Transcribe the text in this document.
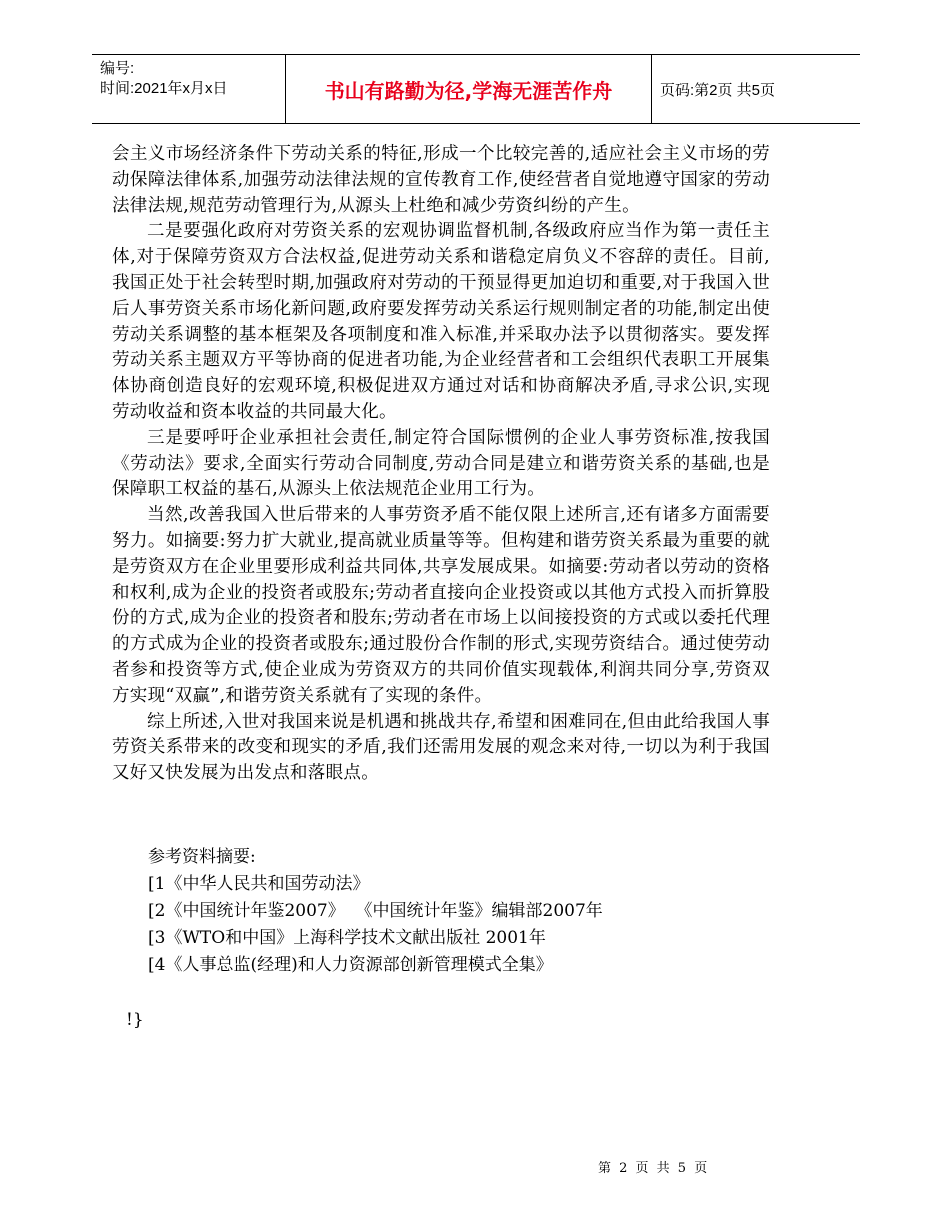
编号:
时间:2021年x月x日	书山有路勤为径,学海无涯苦作舟	页码:第2页 共5页

会主义市场经济条件下劳动关系的特征,形成一个比较完善的,适应社会主义市场的劳动保障法律体系,加强劳动法律法规的宣传教育工作,使经营者自觉地遵守国家的劳动法律法规,规范劳动管理行为,从源头上杜绝和减少劳资纠纷的产生。

二是要强化政府对劳资关系的宏观协调监督机制,各级政府应当作为第一责任主体,对于保障劳资双方合法权益,促进劳动关系和谐稳定肩负义不容辞的责任。目前,我国正处于社会转型时期,加强政府对劳动的干预显得更加迫切和重要,对于我国入世后人事劳资关系市场化新问题,政府要发挥劳动关系运行规则制定者的功能,制定出使劳动关系调整的基本框架及各项制度和准入标准,并采取办法予以贯彻落实。要发挥劳动关系主题双方平等协商的促进者功能,为企业经营者和工会组织代表职工开展集体协商创造良好的宏观环境,积极促进双方通过对话和协商解决矛盾,寻求公识,实现劳动收益和资本收益的共同最大化。

三是要呼吁企业承担社会责任,制定符合国际惯例的企业人事劳资标准,按我国《劳动法》要求,全面实行劳动合同制度,劳动合同是建立和谐劳资关系的基础,也是保障职工权益的基石,从源头上依法规范企业用工行为。

当然,改善我国入世后带来的人事劳资矛盾不能仅限上述所言,还有诸多方面需要努力。如摘要:努力扩大就业,提高就业质量等等。但构建和谐劳资关系最为重要的就是劳资双方在企业里要形成利益共同体,共享发展成果。如摘要:劳动者以劳动的资格和权利,成为企业的投资者或股东;劳动者直接向企业投资或以其他方式投入而折算股份的方式,成为企业的投资者和股东;劳动者在市场上以间接投资的方式或以委托代理的方式成为企业的投资者或股东;通过股份合作制的形式,实现劳资结合。通过使劳动者参和投资等方式,使企业成为劳资双方的共同价值实现载体,利润共同分享,劳资双方实现“双赢”,和谐劳资关系就有了实现的条件。

综上所述,入世对我国来说是机遇和挑战共存,希望和困难同在,但由此给我国人事劳资关系带来的改变和现实的矛盾,我们还需用发展的观念来对待,一切以为利于我国又好又快发展为出发点和落眼点。

参考资料摘要:
[1《中华人民共和国劳动法》
[2《中国统计年鉴2007》  《中国统计年鉴》编辑部2007年
[3《WTO和中国》上海科学技术文献出版社 2001年
[4《人事总监(经理)和人力资源部创新管理模式全集》
!}
第 2 页 共 5 页
